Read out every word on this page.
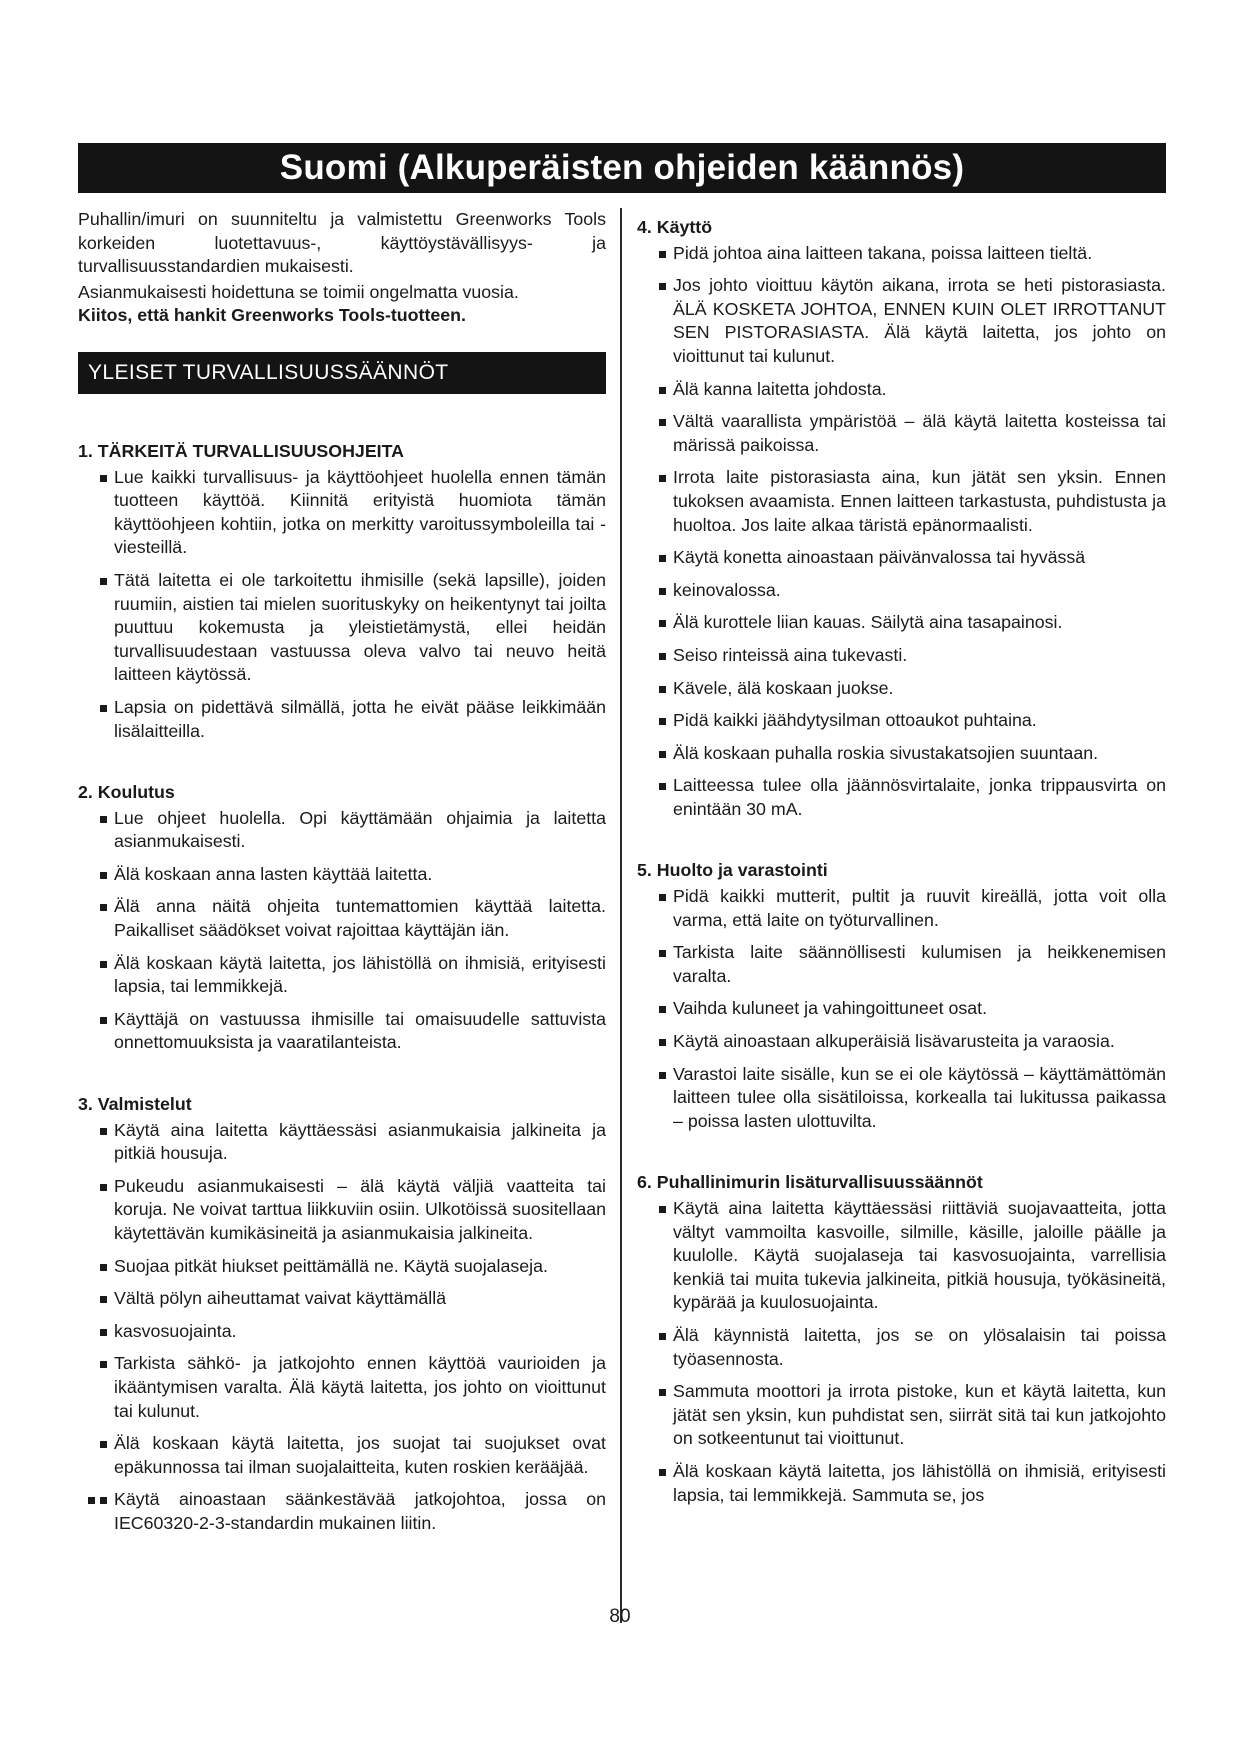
Suomi (Alkuperäisten ohjeiden käännös)

Puhallin/imuri on suunniteltu ja valmistettu Greenworks Tools korkeiden luotettavuus-, käyttöystävällisyys- ja turvallisuusstandardien mukaisesti.

Asianmukaisesti hoidettuna se toimii ongelmatta vuosia.

Kiitos, että hankit Greenworks Tools-tuotteen.

YLEISET TURVALLISUUSSÄÄNNÖT

1. TÄRKEITÄ TURVALLISUUSOHJEITA

Lue kaikki turvallisuus- ja käyttöohjeet huolella ennen tämän tuotteen käyttöä. Kiinnitä erityistä huomiota tämän käyttöohjeen kohtiin, jotka on merkitty varoitussymboleilla tai -viesteillä.
Tätä laitetta ei ole tarkoitettu ihmisille (sekä lapsille), joiden ruumiin, aistien tai mielen suorituskyky on heikentynyt tai joilta puuttuu kokemusta ja yleistietämystä, ellei heidän turvallisuudestaan vastuussa oleva valvo tai neuvo heitä laitteen käytössä.
Lapsia on pidettävä silmällä, jotta he eivät pääse leikkimään lisälaitteilla.

2. Koulutus

Lue ohjeet huolella. Opi käyttämään ohjaimia ja laitetta asianmukaisesti.
Älä koskaan anna lasten käyttää laitetta.
Älä anna näitä ohjeita tuntemattomien käyttää laitetta. Paikalliset säädökset voivat rajoittaa käyttäjän iän.
Älä koskaan käytä laitetta, jos lähistöllä on ihmisiä, erityisesti lapsia, tai lemmikkejä.
Käyttäjä on vastuussa ihmisille tai omaisuudelle sattuvista onnettomuuksista ja vaaratilanteista.

3. Valmistelut

Käytä aina laitetta käyttäessäsi asianmukaisia jalkineita ja pitkiä housuja.
Pukeudu asianmukaisesti – älä käytä väljiä vaatteita tai koruja. Ne voivat tarttua liikkuviin osiin. Ulkotöissä suositellaan käytettävän kumikäsineitä ja asianmukaisia jalkineita.
Suojaa pitkät hiukset peittämällä ne. Käytä suojalaseja.
Vältä pölyn aiheuttamat vaivat käyttämällä
kasvosuojainta.
Tarkista sähkö- ja jatkojohto ennen käyttöä vaurioiden ja ikääntymisen varalta. Älä käytä laitetta, jos johto on vioittunut tai kulunut.
Älä koskaan käytä laitetta, jos suojat tai suojukset ovat epäkunnossa tai ilman suojalaitteita, kuten roskien kerääjää.
Käytä ainoastaan säänkestävää jatkojohtoa, jossa on IEC60320-2-3-standardin mukainen liitin.

4. Käyttö

Pidä johtoa aina laitteen takana, poissa laitteen tieltä.
Jos johto vioittuu käytön aikana, irrota se heti pistorasiasta. ÄLÄ KOSKETA JOHTOA, ENNEN KUIN OLET IRROTTANUT SEN PISTORASIASTA. Älä käytä laitetta, jos johto on vioittunut tai kulunut.
Älä kanna laitetta johdosta.
Vältä vaarallista ympäristöä – älä käytä laitetta kosteissa tai märissä paikoissa.
Irrota laite pistorasiasta aina, kun jätät sen yksin. Ennen tukoksen avaamista. Ennen laitteen tarkastusta, puhdistusta ja huoltoa. Jos laite alkaa täristä epänormaalisti.
Käytä konetta ainoastaan päivänvalossa tai hyvässä
keinovalossa.
Älä kurottele liian kauas. Säilytä aina tasapainosi.
Seiso rinteissä aina tukevasti.
Kävele, älä koskaan juokse.
Pidä kaikki jäähdytysilman ottoaukot puhtaina.
Älä koskaan puhalla roskia sivustakatsojien suuntaan.
Laitteessa tulee olla jäännösvirtalaite, jonka trippausvirta on enintään 30 mA.

5. Huolto ja varastointi

Pidä kaikki mutterit, pultit ja ruuvit kireällä, jotta voit olla varma, että laite on työturvallinen.
Tarkista laite säännöllisesti kulumisen ja heikkenemisen varalta.
Vaihda kuluneet ja vahingoittuneet osat.
Käytä ainoastaan alkuperäisiä lisävarusteita ja varaosia.
Varastoi laite sisälle, kun se ei ole käytössä – käyttämättömän laitteen tulee olla sisätiloissa, korkealla tai lukitussa paikassa – poissa lasten ulottuvilta.

6. Puhallinimurin lisäturvallisuussäännöt

Käytä aina laitetta käyttäessäsi riittäviä suojavaatteita, jotta vältyt vammoilta kasvoille, silmille, käsille, jaloille päälle ja kuulolle. Käytä suojalaseja tai kasvosuojainta, varrellisia kenkiä tai muita tukevia jalkineita, pitkiä housuja, työkäsineitä, kypärää ja kuulosuojainta.
Älä käynnistä laitetta, jos se on ylösalaisin tai poissa työasennosta.
Sammuta moottori ja irrota pistoke, kun et käytä laitetta, kun jätät sen yksin, kun puhdistat sen, siirrät sitä tai kun jatkojohto on sotkeentunut tai vioittunut.
Älä koskaan käytä laitetta, jos lähistöllä on ihmisiä, erityisesti lapsia, tai lemmikkejä. Sammuta se, jos
80
